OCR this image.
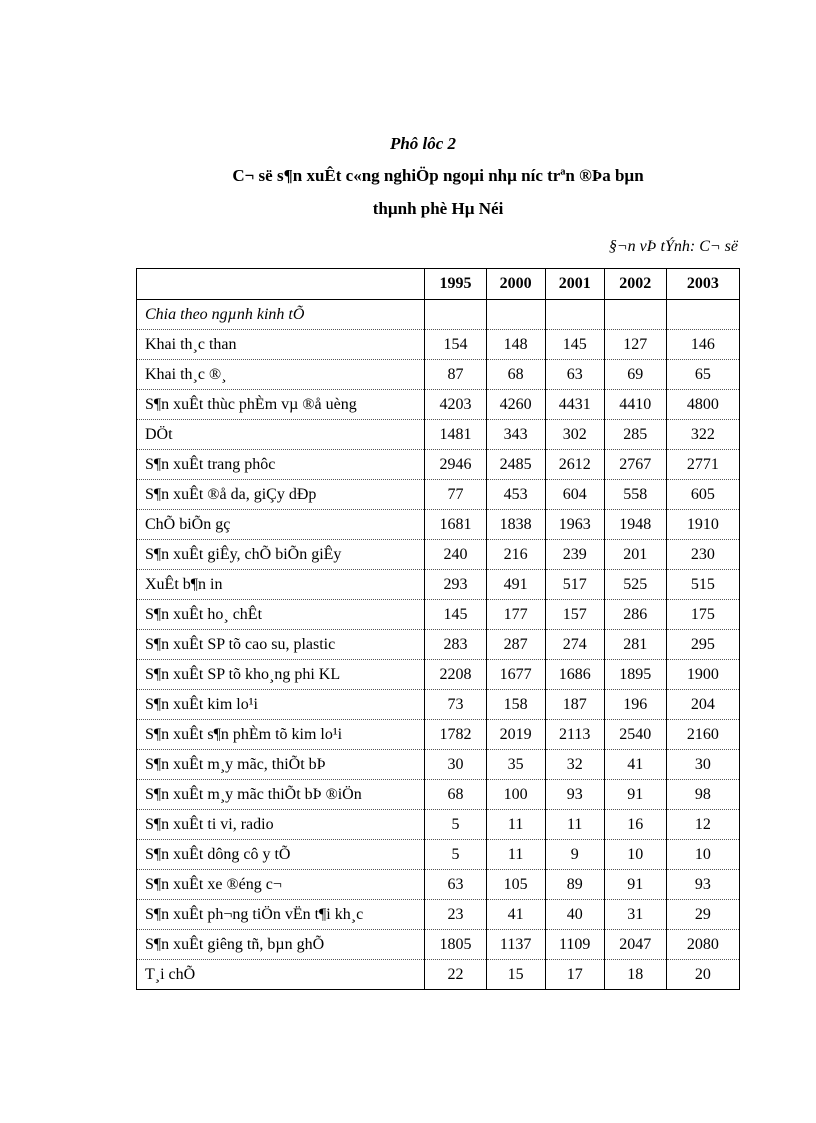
Phô lôc 2
C¬ së s¶n xuÊt c«ng nghiÖp ngoµi nhµ níc trªn ®Þa bµn
thµnh phè Hµ Néi
§¬n vÞ tÝnh: C¬ së
	1995	2000	2001	2002	2003
Chia theo ngµnh kinh tÕ					
Khai th¸c than	154	148	145	127	146
Khai th¸c ®¸	87	68	63	69	65
S¶n xuÊt thùc phÈm vµ ®å uèng	4203	4260	4431	4410	4800
DÖt	1481	343	302	285	322
S¶n xuÊt trang phôc	2946	2485	2612	2767	2771
S¶n xuÊt ®å da, giÇy dÐp	77	453	604	558	605
ChÕ biÕn gç	1681	1838	1963	1948	1910
S¶n xuÊt giÊy, chÕ biÕn giÊy	240	216	239	201	230
XuÊt b¶n in	293	491	517	525	515
S¶n xuÊt ho¸ chÊt	145	177	157	286	175
S¶n xuÊt SP tõ cao su, plastic	283	287	274	281	295
S¶n xuÊt SP tõ kho¸ng phi KL	2208	1677	1686	1895	1900
S¶n xuÊt kim lo¹i	73	158	187	196	204
S¶n xuÊt s¶n phÈm tõ kim lo¹i	1782	2019	2113	2540	2160
S¶n xuÊt m¸y mãc, thiÕt bÞ	30	35	32	41	30
S¶n xuÊt m¸y mãc thiÕt bÞ ®iÖn	68	100	93	91	98
S¶n xuÊt ti vi, radio	5	11	11	16	12
S¶n xuÊt dông cô y tÕ	5	11	9	10	10
S¶n xuÊt xe ®éng c¬	63	105	89	91	93
S¶n xuÊt ph¬ng tiÖn vËn t¶i kh¸c	23	41	40	31	29
S¶n xuÊt giêng tñ, bµn ghÕ	1805	1137	1109	2047	2080
T¸i chÕ	22	15	17	18	20
